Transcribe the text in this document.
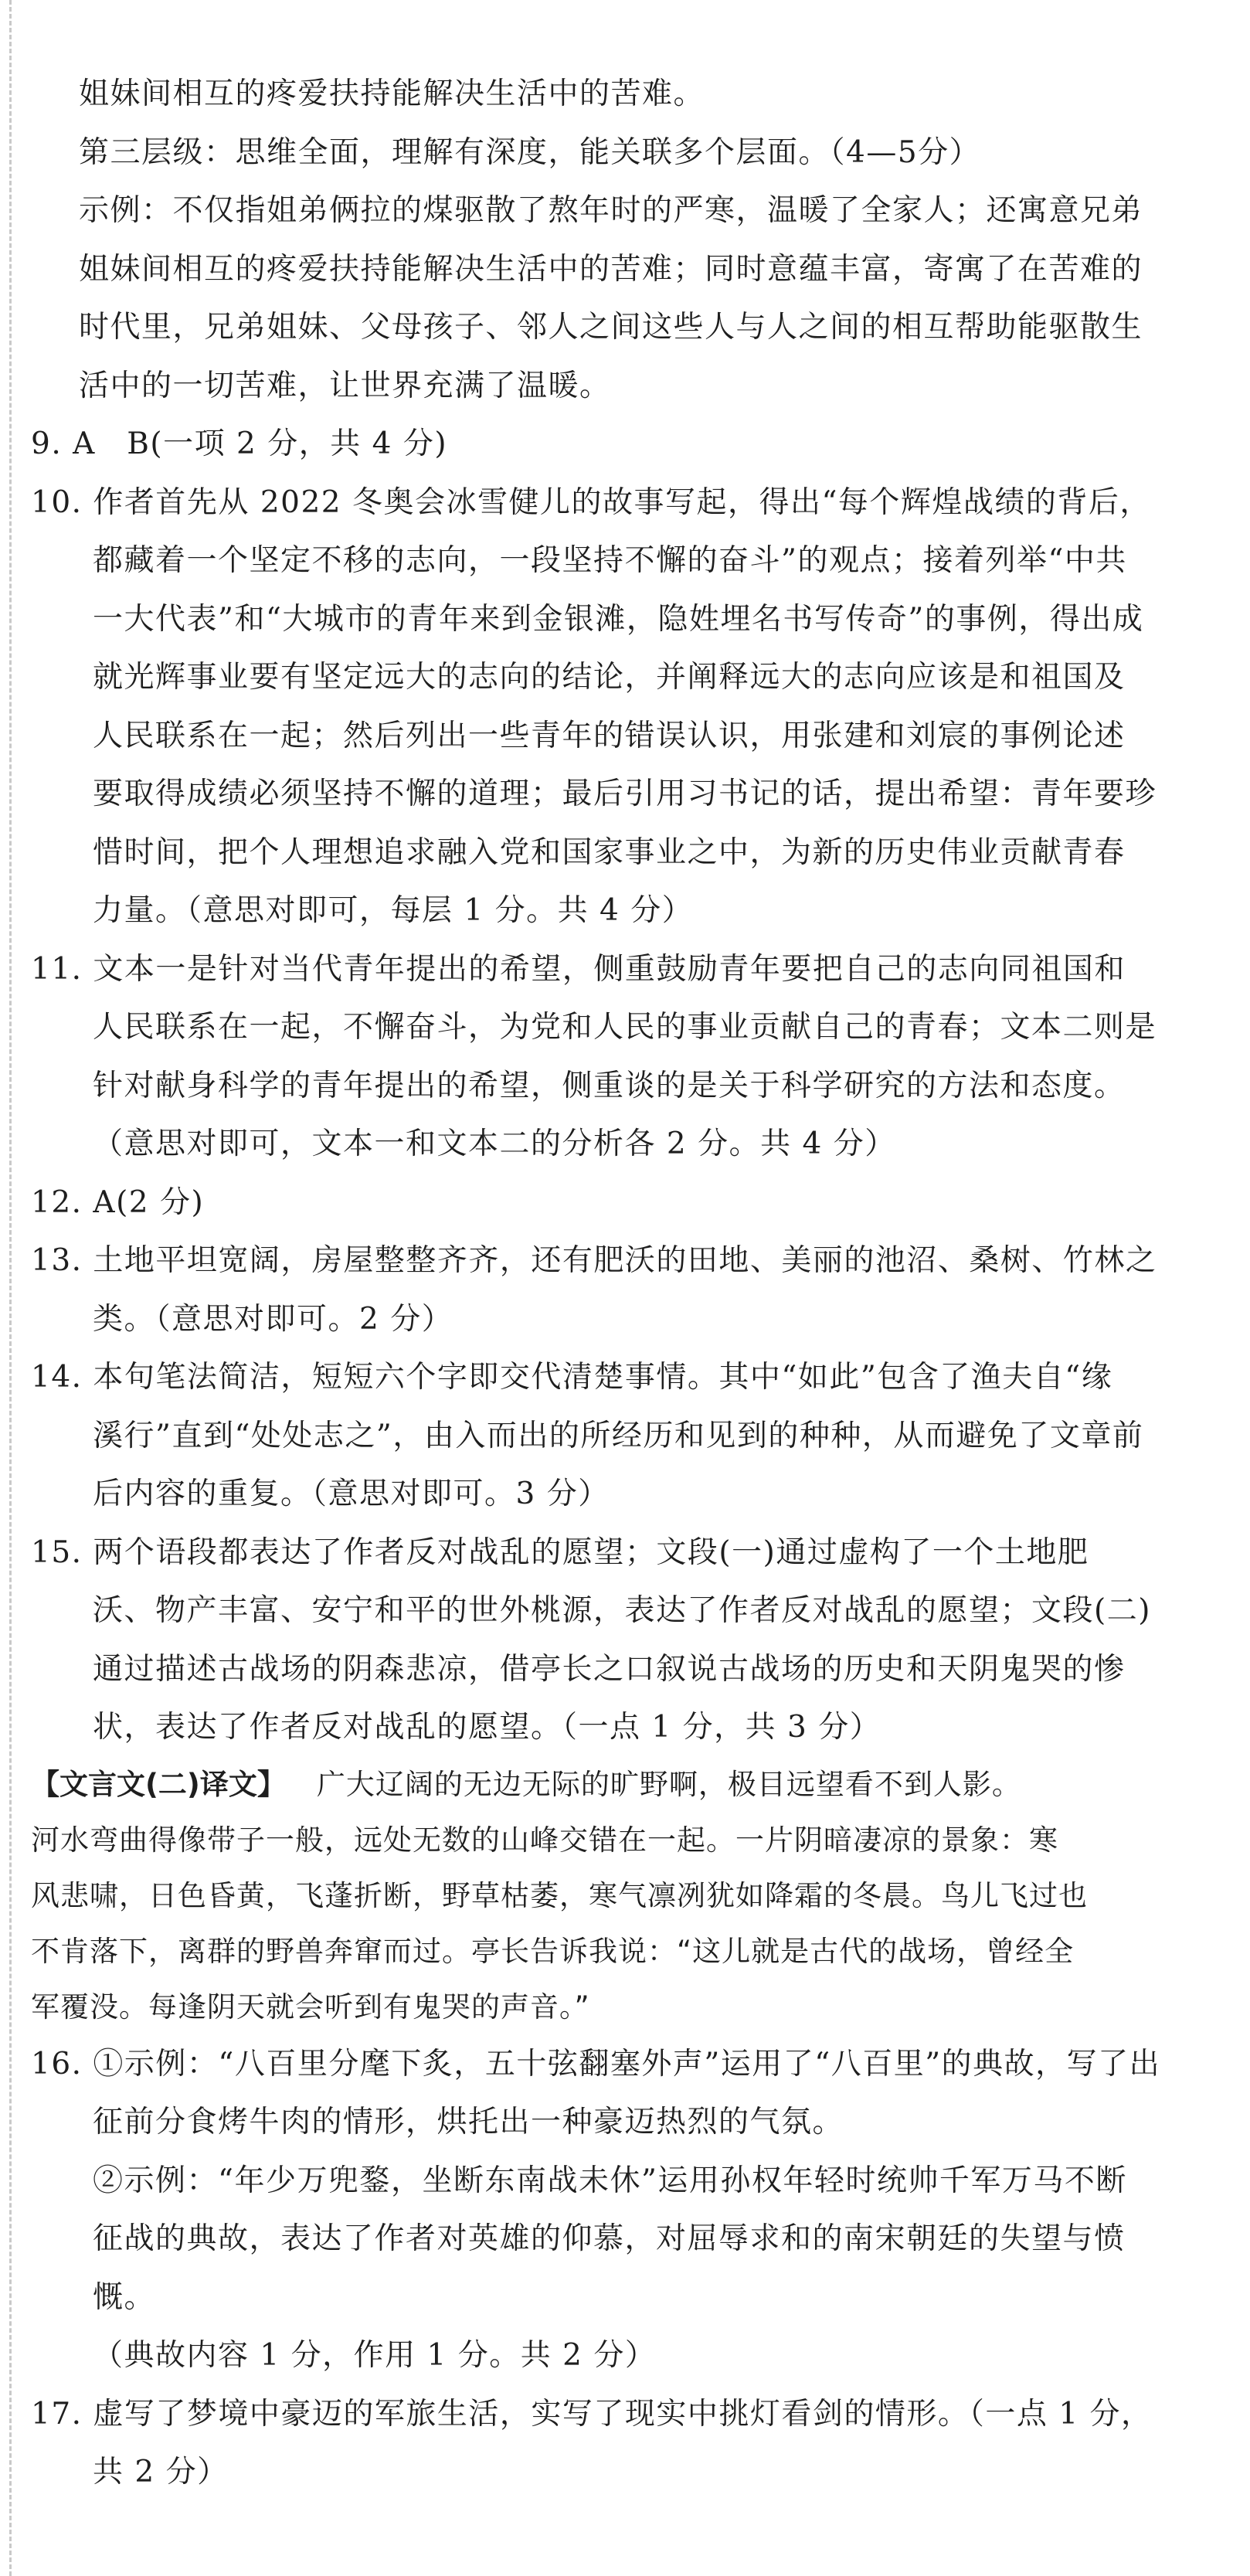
姐妹间相互的疼爱扶持能解决生活中的苦难。
第三层级：思维全面，理解有深度，能关联多个层面。（4—5分）
示例：不仅指姐弟俩拉的煤驱散了熬年时的严寒，温暖了全家人；还寓意兄弟
姐妹间相互的疼爱扶持能解决生活中的苦难；同时意蕴丰富，寄寓了在苦难的
时代里，兄弟姐妹、父母孩子、邻人之间这些人与人之间的相互帮助能驱散生
活中的一切苦难，让世界充满了温暖。
9. A　B(一项 2 分，共 4 分)
10. 作者首先从 2022 冬奥会冰雪健儿的故事写起，得出“每个辉煌战绩的背后，
都藏着一个坚定不移的志向，一段坚持不懈的奋斗”的观点；接着列举“中共
一大代表”和“大城市的青年来到金银滩，隐姓埋名书写传奇”的事例，得出成
就光辉事业要有坚定远大的志向的结论，并阐释远大的志向应该是和祖国及
人民联系在一起；然后列出一些青年的错误认识，用张建和刘宸的事例论述
要取得成绩必须坚持不懈的道理；最后引用习书记的话，提出希望：青年要珍
惜时间，把个人理想追求融入党和国家事业之中，为新的历史伟业贡献青春
力量。（意思对即可，每层 1 分。共 4 分）
11. 文本一是针对当代青年提出的希望，侧重鼓励青年要把自己的志向同祖国和
人民联系在一起，不懈奋斗，为党和人民的事业贡献自己的青春；文本二则是
针对献身科学的青年提出的希望，侧重谈的是关于科学研究的方法和态度。
（意思对即可，文本一和文本二的分析各 2 分。共 4 分）
12. A(2 分)
13. 土地平坦宽阔，房屋整整齐齐，还有肥沃的田地、美丽的池沼、桑树、竹林之
类。（意思对即可。2 分）
14. 本句笔法简洁，短短六个字即交代清楚事情。其中“如此”包含了渔夫自“缘
溪行”直到“处处志之”，由入而出的所经历和见到的种种，从而避免了文章前
后内容的重复。（意思对即可。3 分）
15. 两个语段都表达了作者反对战乱的愿望；文段(一)通过虚构了一个土地肥
沃、物产丰富、安宁和平的世外桃源，表达了作者反对战乱的愿望；文段(二)
通过描述古战场的阴森悲凉，借亭长之口叙说古战场的历史和天阴鬼哭的惨
状，表达了作者反对战乱的愿望。（一点 1 分，共 3 分）
【文言文(二)译文】 广大辽阔的无边无际的旷野啊，极目远望看不到人影。
河水弯曲得像带子一般，远处无数的山峰交错在一起。一片阴暗凄凉的景象：寒
风悲啸，日色昏黄，飞蓬折断，野草枯萎，寒气凛冽犹如降霜的冬晨。鸟儿飞过也
不肯落下，离群的野兽奔窜而过。亭长告诉我说：“这儿就是古代的战场，曾经全
军覆没。每逢阴天就会听到有鬼哭的声音。”
16. ①示例：“八百里分麾下炙，五十弦翻塞外声”运用了“八百里”的典故，写了出
征前分食烤牛肉的情形，烘托出一种豪迈热烈的气氛。
②示例：“年少万兜鍪，坐断东南战未休”运用孙权年轻时统帅千军万马不断
征战的典故，表达了作者对英雄的仰慕，对屈辱求和的南宋朝廷的失望与愤
慨。
（典故内容 1 分，作用 1 分。共 2 分）
17. 虚写了梦境中豪迈的军旅生活，实写了现实中挑灯看剑的情形。（一点 1 分，
共 2 分）
